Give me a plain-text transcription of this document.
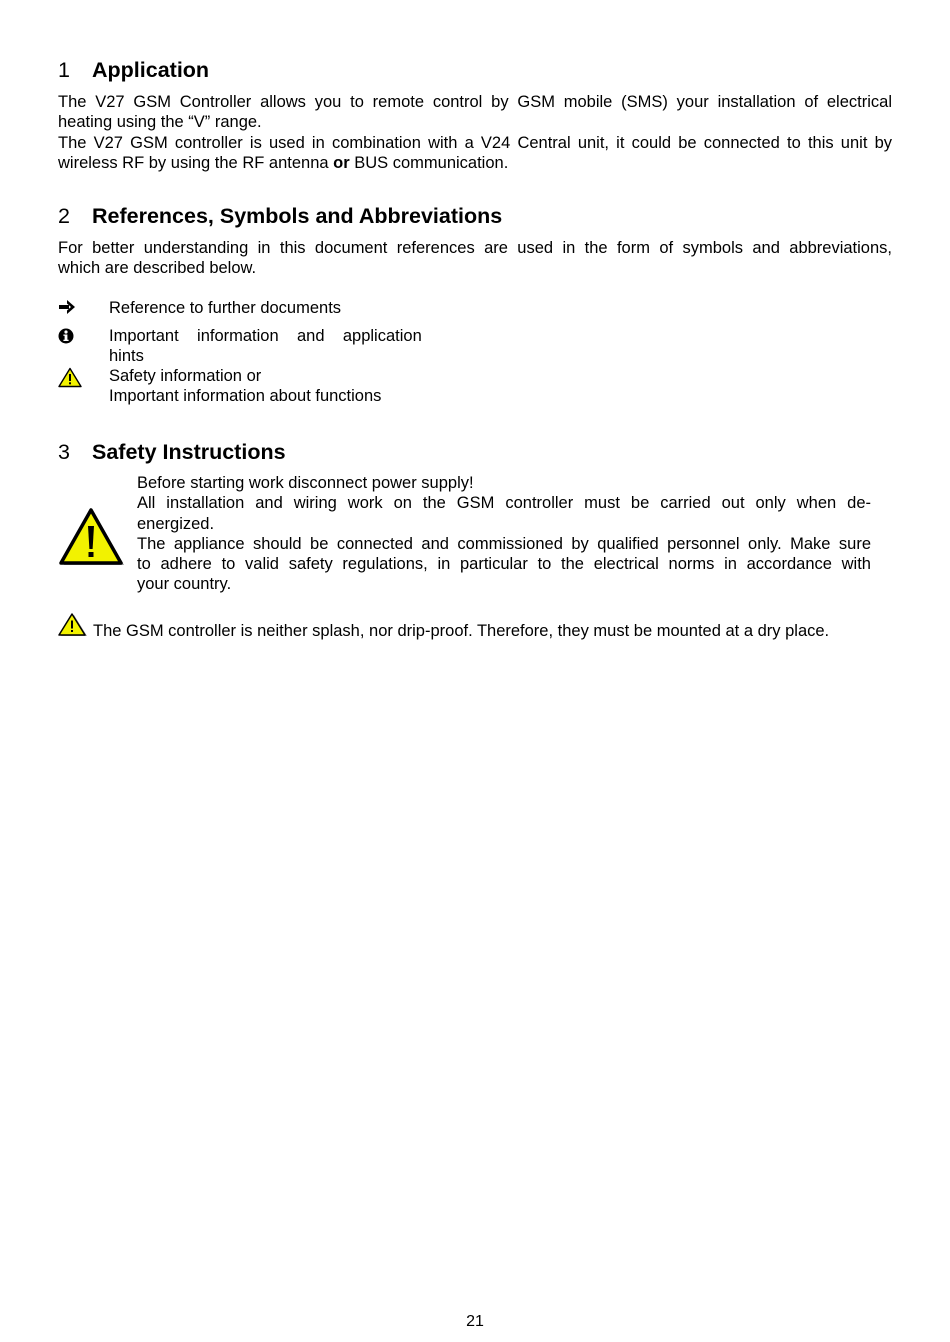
1 Application
The V27 GSM Controller allows you to remote control by GSM mobile (SMS) your installation of electrical
heating using the “V” range.
The V27 GSM controller is used in combination with a V24 Central unit, it could be connected to this unit by
wireless RF by using the RF antenna or BUS communication.
2 References, Symbols and Abbreviations
For better understanding in this document references are used in the form of symbols and abbreviations,
which are described below.
Reference to further documents
Important    information    and    application
hints
Safety information or
Important information about functions
3 Safety Instructions
Before starting work disconnect power supply!
All installation and wiring work on the GSM controller must be carried out only when de-
energized.
The appliance should be connected and commissioned by qualified personnel only. Make sure
to adhere to valid safety regulations, in particular to the electrical norms in accordance with
your country.
The GSM controller is neither splash, nor drip-proof. Therefore, they must be mounted at a dry place.
21
